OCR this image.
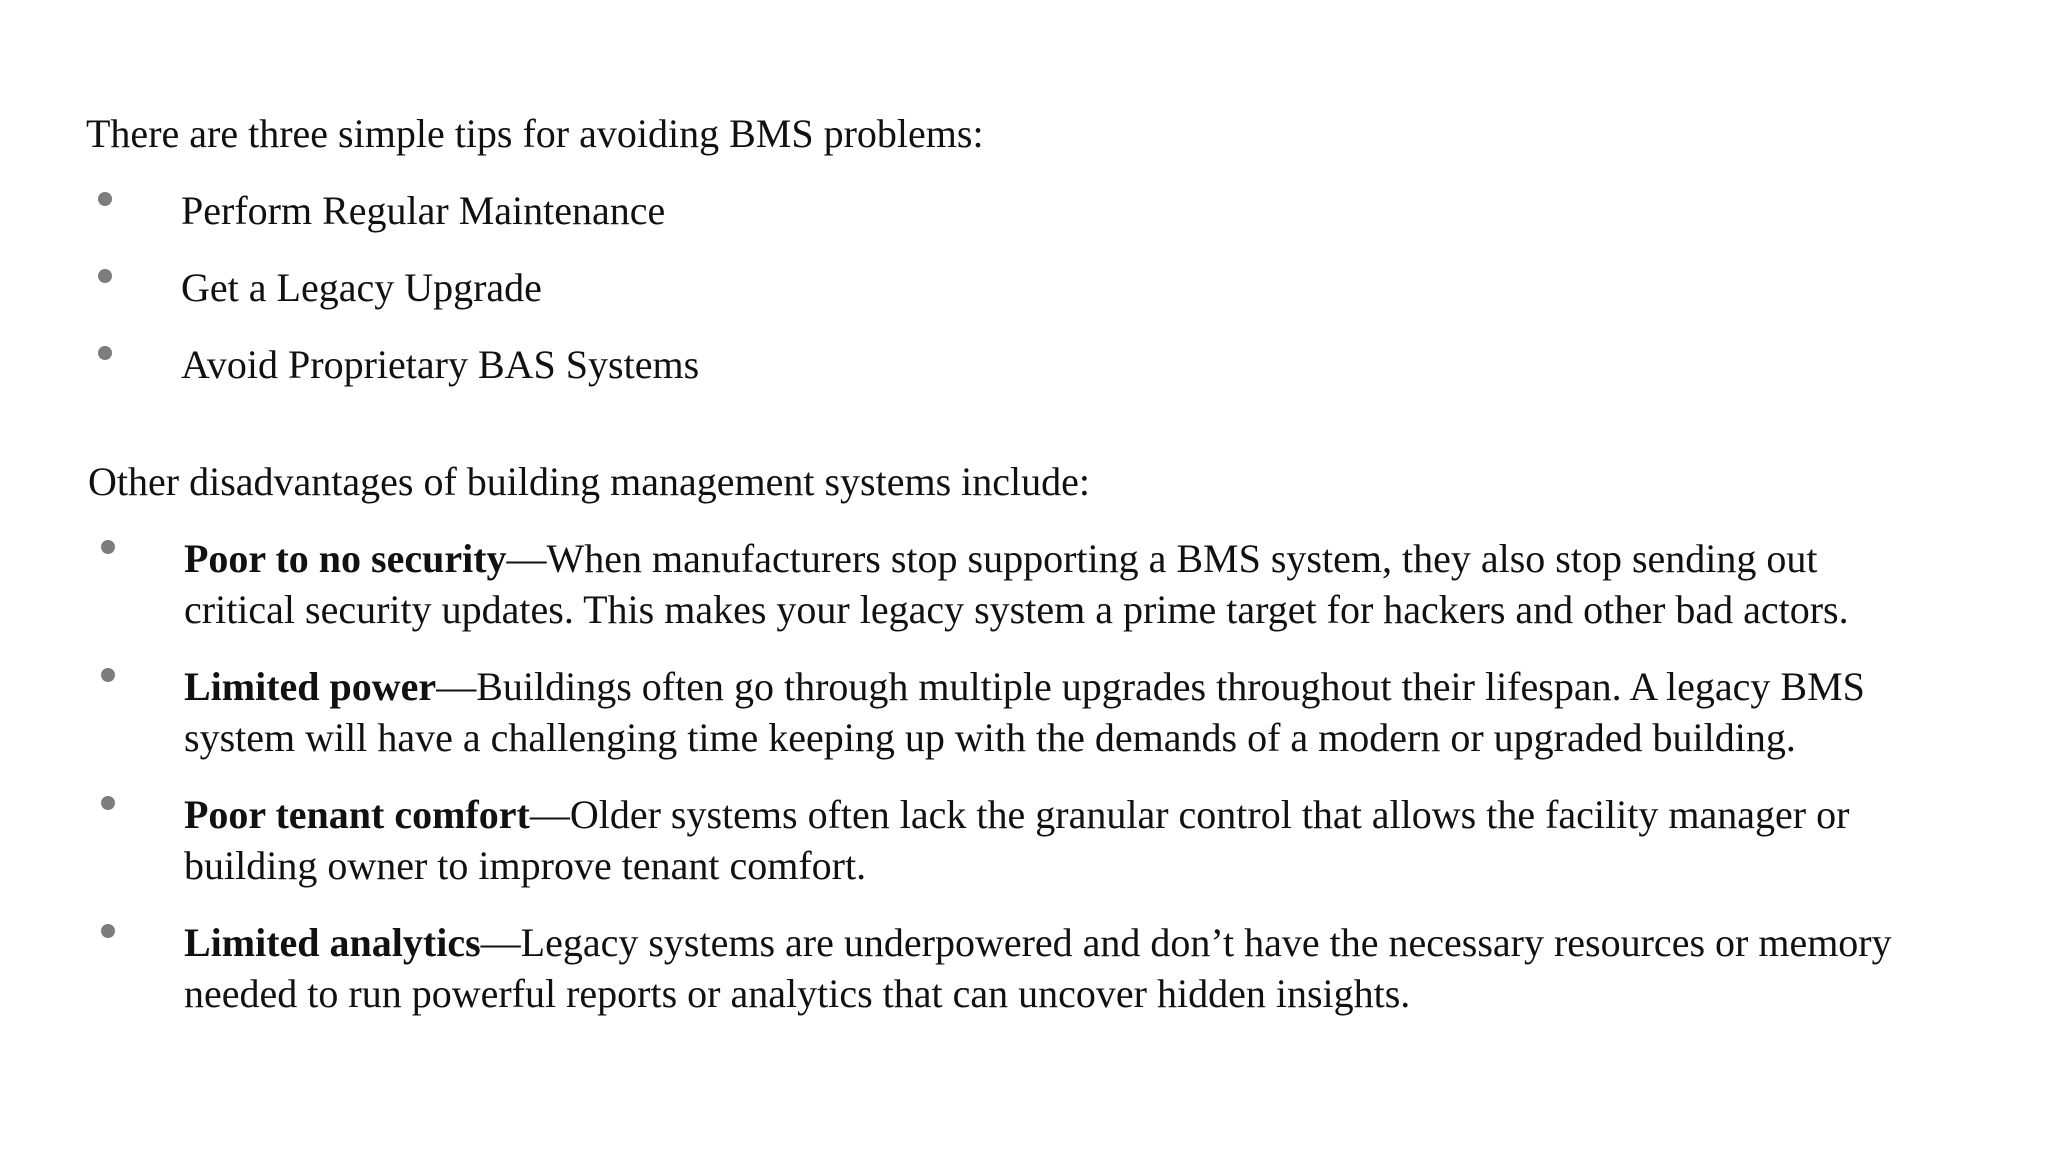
There are three simple tips for avoiding BMS problems:

Perform Regular Maintenance
Get a Legacy Upgrade
Avoid Proprietary BAS Systems

Other disadvantages of building management systems include:

Poor to no security—When manufacturers stop supporting a BMS system, they also stop sending out
critical security updates. This makes your legacy system a prime target for hackers and other bad actors.
Limited power—Buildings often go through multiple upgrades throughout their lifespan. A legacy BMS
system will have a challenging time keeping up with the demands of a modern or upgraded building.
Poor tenant comfort—Older systems often lack the granular control that allows the facility manager or
building owner to improve tenant comfort.
Limited analytics—Legacy systems are underpowered and don’t have the necessary resources or memory
needed to run powerful reports or analytics that can uncover hidden insights.
